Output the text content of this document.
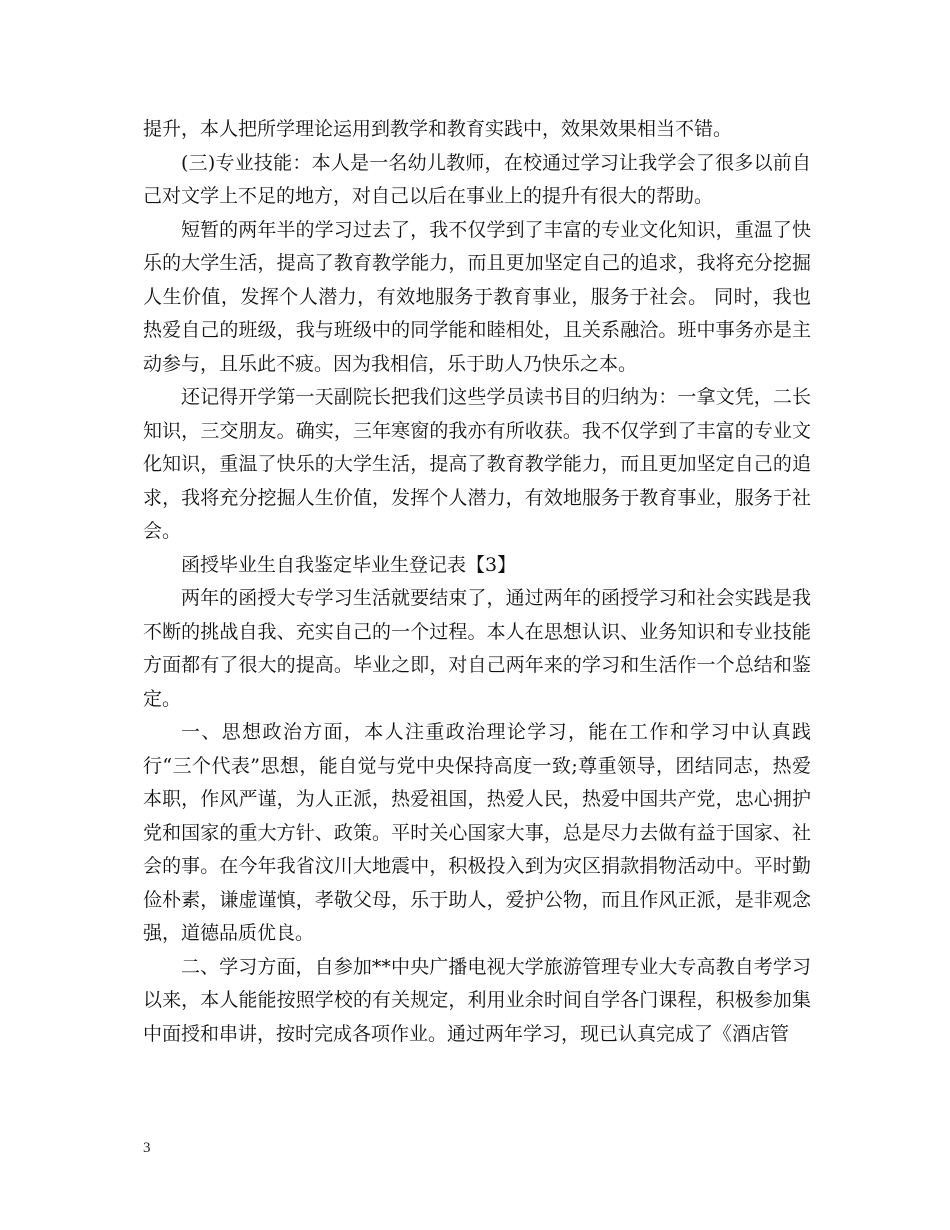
提升，本人把所学理论运用到教学和教育实践中，效果效果相当不错。

(三)专业技能：本人是一名幼儿教师，在校通过学习让我学会了很多以前自己对文学上不足的地方，对自己以后在事业上的提升有很大的帮助。

短暂的两年半的学习过去了，我不仅学到了丰富的专业文化知识，重温了快乐的大学生活，提高了教育教学能力，而且更加坚定自己的追求，我将充分挖掘人生价值，发挥个人潜力，有效地服务于教育事业，服务于社会。 同时，我也热爱自己的班级，我与班级中的同学能和睦相处，且关系融洽。班中事务亦是主动参与，且乐此不疲。因为我相信，乐于助人乃快乐之本。

还记得开学第一天副院长把我们这些学员读书目的归纳为：一拿文凭，二长知识，三交朋友。确实，三年寒窗的我亦有所收获。我不仅学到了丰富的专业文化知识，重温了快乐的大学生活，提高了教育教学能力，而且更加坚定自己的追求，我将充分挖掘人生价值，发挥个人潜力，有效地服务于教育事业，服务于社会。

函授毕业生自我鉴定毕业生登记表【3】

两年的函授大专学习生活就要结束了，通过两年的函授学习和社会实践是我不断的挑战自我、充实自己的一个过程。本人在思想认识、业务知识和专业技能方面都有了很大的提高。毕业之即，对自己两年来的学习和生活作一个总结和鉴定。

一、思想政治方面，本人注重政治理论学习，能在工作和学习中认真践行“三个代表”思想，能自觉与党中央保持高度一致;尊重领导，团结同志，热爱本职，作风严谨，为人正派，热爱祖国，热爱人民，热爱中国共产党，忠心拥护党和国家的重大方针、政策。平时关心国家大事，总是尽力去做有益于国家、社会的事。在今年我省汶川大地震中，积极投入到为灾区捐款捐物活动中。平时勤俭朴素，谦虚谨慎，孝敬父母，乐于助人，爱护公物，而且作风正派，是非观念强，道德品质优良。

二、学习方面，自参加**中央广播电视大学旅游管理专业大专高教自考学习以来，本人能能按照学校的有关规定，利用业余时间自学各门课程，积极参加集中面授和串讲，按时完成各项作业。通过两年学习，现已认真完成了《酒店管

3
